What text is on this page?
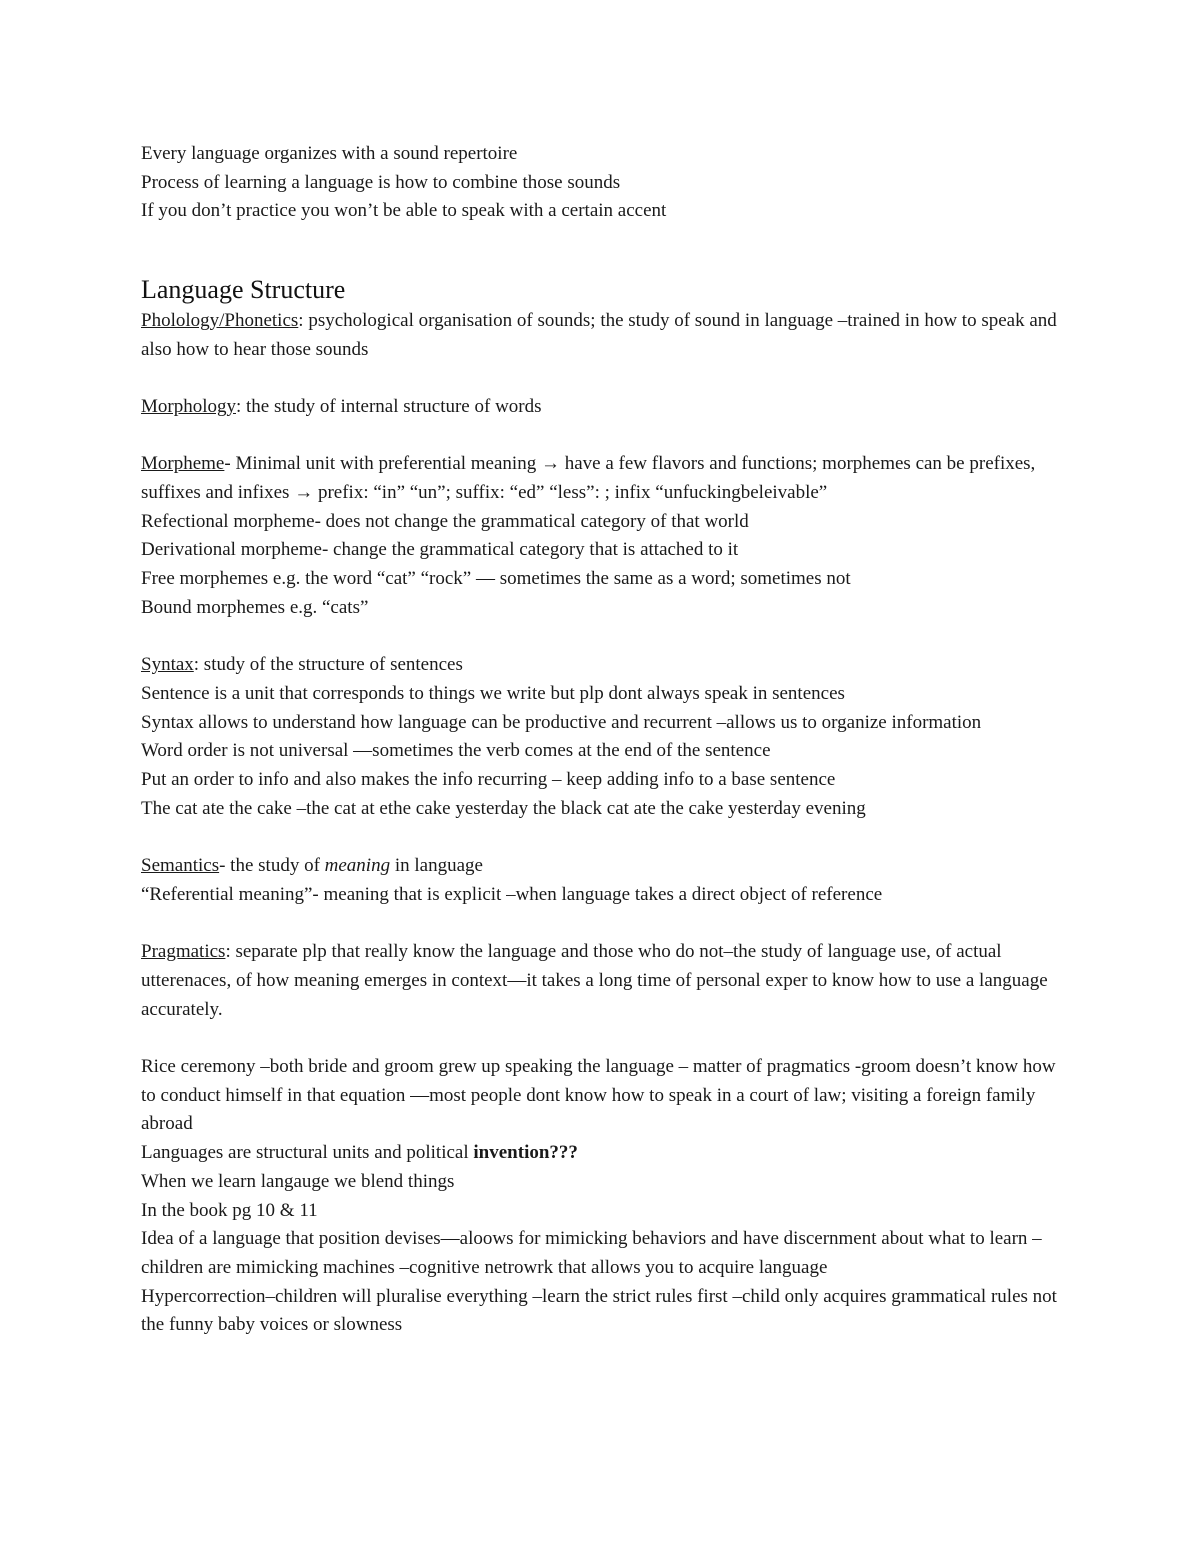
Every language organizes with a sound repertoire

Process of learning a language is how to combine those sounds

If you don’t practice you won’t be able to speak with a certain accent

Language Structure

Pholology/Phonetics: psychological organisation of sounds; the study of sound in language –trained in how to speak and also how to hear those sounds

Morphology: the study of internal structure of words

Morpheme- Minimal unit with preferential meaning → have a few flavors and functions; morphemes can be prefixes, suffixes and infixes → prefix: “in” “un”; suffix: “ed” “less”: ; infix “unfuckingbeleivable”

Refectional morpheme- does not change the grammatical category of that world

Derivational morpheme- change the grammatical category that is attached to it

Free morphemes e.g. the word “cat” “rock” — sometimes the same as a word; sometimes not

Bound morphemes e.g. “cats”

Syntax: study of the structure of sentences

Sentence is a unit that corresponds to things we write but plp dont always speak in sentences

Syntax allows to understand how language can be productive and recurrent –allows us to organize information

Word order is not universal —sometimes the verb comes at the end of the sentence

Put an order to info and also makes the info recurring – keep adding info to a base sentence

The cat ate the cake –the cat at ethe cake yesterday the black cat ate the cake yesterday evening

Semantics- the study of meaning in language

“Referential meaning”- meaning that is explicit –when language takes a direct object of reference

Pragmatics: separate plp that really know the language and those who do not–the study of language use, of actual utterenaces, of how meaning emerges in context—it takes a long time of personal exper to know how to use a language accurately.

Rice ceremony –both bride and groom grew up speaking the language – matter of pragmatics -groom doesn’t know how to conduct himself in that equation —most people dont know how to speak in a court of law; visiting a foreign family abroad

Languages are structural units and political invention???

When we learn langauge we blend things

In the book pg 10 & 11

Idea of a language that position devises—aloows for mimicking behaviors and have discernment about what to learn –children are mimicking machines –cognitive netrowrk that allows you to acquire language

Hypercorrection–children will pluralise everything –learn the strict rules first –child only acquires grammatical rules not the funny baby voices or slowness
